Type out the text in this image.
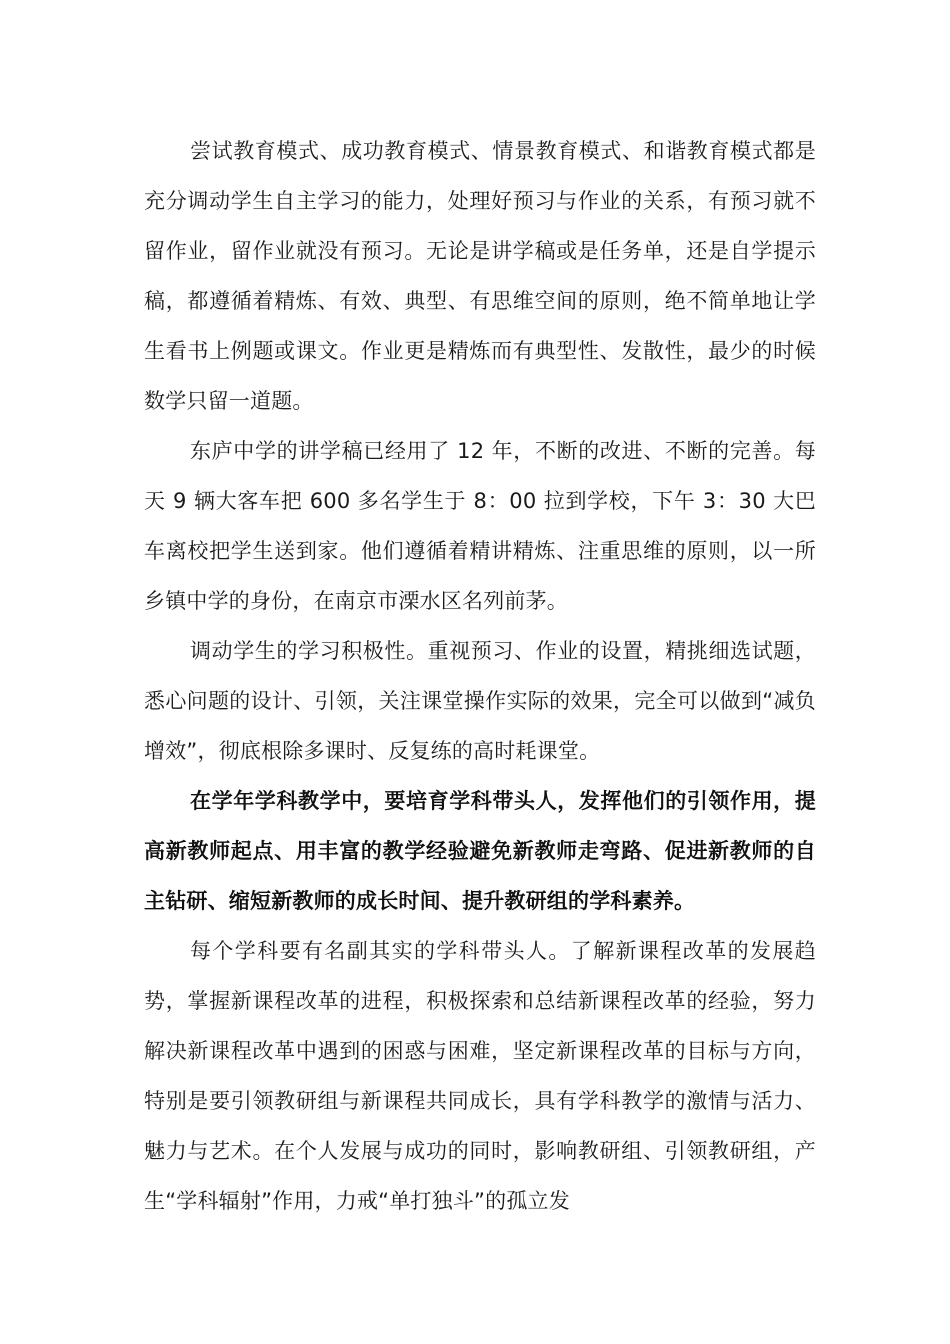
尝试教育模式、成功教育模式、情景教育模式、和谐教育模式都是充分调动学生自主学习的能力，处理好预习与作业的关系，有预习就不留作业，留作业就没有预习。无论是讲学稿或是任务单，还是自学提示稿，都遵循着精炼、有效、典型、有思维空间的原则，绝不简单地让学生看书上例题或课文。作业更是精炼而有典型性、发散性，最少的时候数学只留一道题。

东庐中学的讲学稿已经用了 12 年，不断的改进、不断的完善。每天 9 辆大客车把 600 多名学生于 8：00 拉到学校，下午 3：30 大巴车离校把学生送到家。他们遵循着精讲精炼、注重思维的原则，以一所乡镇中学的身份，在南京市溧水区名列前茅。

调动学生的学习积极性。重视预习、作业的设置，精挑细选试题，悉心问题的设计、引领，关注课堂操作实际的效果，完全可以做到“减负增效”，彻底根除多课时、反复练的高时耗课堂。

在学年学科教学中，要培育学科带头人，发挥他们的引领作用，提高新教师起点、用丰富的教学经验避免新教师走弯路、促进新教师的自主钻研、缩短新教师的成长时间、提升教研组的学科素养。

每个学科要有名副其实的学科带头人。了解新课程改革的发展趋势，掌握新课程改革的进程，积极探索和总结新课程改革的经验，努力解决新课程改革中遇到的困惑与困难，坚定新课程改革的目标与方向，特别是要引领教研组与新课程共同成长，具有学科教学的激情与活力、魅力与艺术。在个人发展与成功的同时，影响教研组、引领教研组，产生“学科辐射”作用，力戒“单打独斗”的孤立发
